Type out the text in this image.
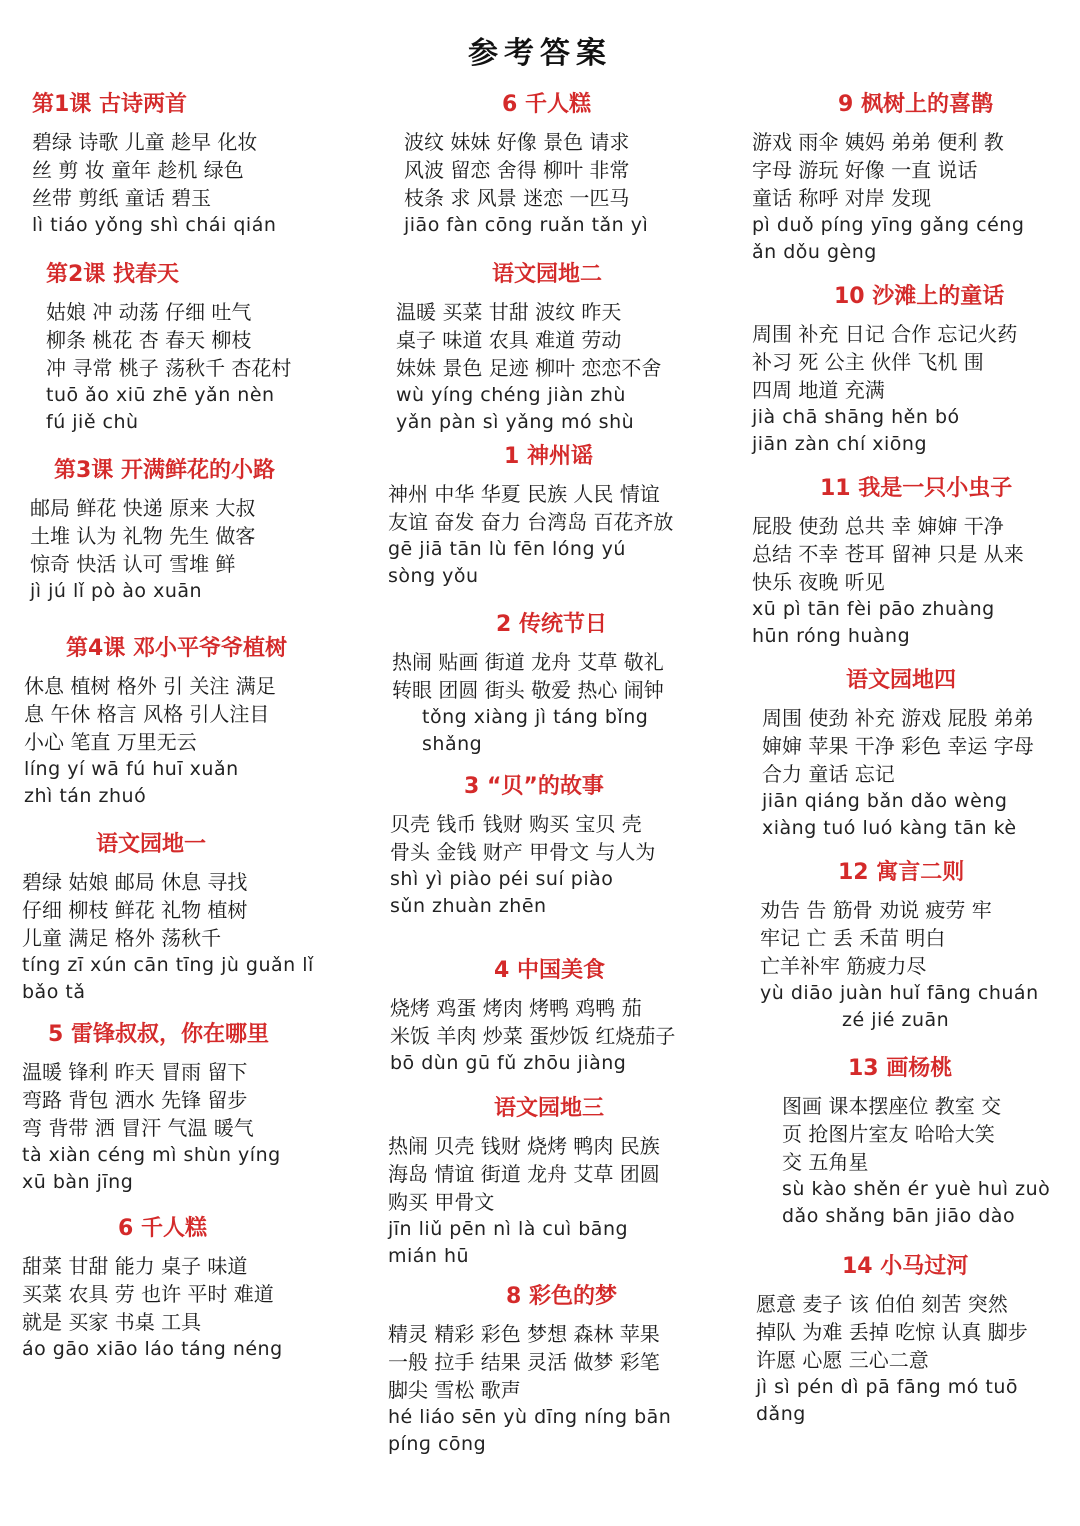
参考答案
第1课 古诗两首
碧绿 诗歌 儿童 趁早 化妆
丝 剪 妆 童年 趁机 绿色
丝带 剪纸 童话 碧玉
lì tiáo yǒng shì chái qián
第2课 找春天
姑娘 冲 动荡 仔细 吐气
柳条 桃花 杏 春天 柳枝
冲 寻常 桃子 荡秋千 杏花村
tuō ǎo xiū zhē yǎn nèn
fú jiě chù
第3课 开满鲜花的小路
邮局 鲜花 快递 原来 大叔
土堆 认为 礼物 先生 做客
惊奇 快活 认可 雪堆 鲜
jì jú lǐ pò ào xuān
第4课 邓小平爷爷植树
休息 植树 格外 引 关注 满足
息 午休 格言 风格 引人注目
小心 笔直 万里无云
líng yí wā fú huī xuǎn
zhì tán zhuó
语文园地一
碧绿 姑娘 邮局 休息 寻找
仔细 柳枝 鲜花 礼物 植树
儿童 满足 格外 荡秋千
tíng zī xún cān tīng jù guǎn lǐ
bǎo tǎ
5 雷锋叔叔，你在哪里
温暖 锋利 昨天 冒雨 留下
弯路 背包 洒水 先锋 留步
弯 背带 洒 冒汗 气温 暖气
tà xiàn céng mì shùn yíng
xū bàn jīng
6 千人糕
甜菜 甘甜 能力 桌子 味道
买菜 农具 劳 也许 平时 难道
就是 买家 书桌 工具
áo gāo xiāo láo táng néng
6 千人糕
波纹 妹妹 好像 景色 请求
风波 留恋 舍得 柳叶 非常
枝条 求 风景 迷恋 一匹马
jiāo fàn cōng ruǎn tǎn yì
语文园地二
温暖 买菜 甘甜 波纹 昨天
桌子 味道 农具 难道 劳动
妹妹 景色 足迹 柳叶 恋恋不舍
wù yíng chéng jiàn zhù
yǎn pàn sì yǎng mó shù
1 神州谣
神州 中华 华夏 民族 人民 情谊
友谊 奋发 奋力 台湾岛 百花齐放
gē jiā tān lù fēn lóng yú
sòng yǒu
2 传统节日
热闹 贴画 街道 龙舟 艾草 敬礼
转眼 团圆 街头 敬爱 热心 闹钟
tǒng xiàng jì táng bǐng
shǎng
3 “贝”的故事
贝壳 钱币 钱财 购买 宝贝 壳
骨头 金钱 财产 甲骨文 与人为
shì yì piào péi suí piào
sǔn zhuàn zhēn
4 中国美食
烧烤 鸡蛋 烤肉 烤鸭 鸡鸭 茄
米饭 羊肉 炒菜 蛋炒饭 红烧茄子
bō dùn gū fǔ zhōu jiàng
语文园地三
热闹 贝壳 钱财 烧烤 鸭肉 民族
海岛 情谊 街道 龙舟 艾草 团圆
购买 甲骨文
jīn liǔ pēn nì là cuì bāng
mián hū
8 彩色的梦
精灵 精彩 彩色 梦想 森林 苹果
一般 拉手 结果 灵活 做梦 彩笔
脚尖 雪松 歌声
hé liáo sēn yù dīng níng bān
pínɡ cōng
9 枫树上的喜鹊
游戏 雨伞 姨妈 弟弟 便利 教
字母 游玩 好像 一直 说话
童话 称呼 对岸 发现
pì duǒ píng yīng gǎng céng
ǎn dǒu gèng
10 沙滩上的童话
周围 补充 日记 合作 忘记火药
补习 死 公主 伙伴 飞机 围
四周 地道 充满
jià chā shāng hěn bó
jiān zàn chí xiōng
11 我是一只小虫子
屁股 使劲 总共 幸 婶婶 干净
总结 不幸 苍耳 留神 只是 从来
快乐 夜晚 听见
xū pì tān fèi pāo zhuàng
hūn róng huàng
语文园地四
周围 使劲 补充 游戏 屁股 弟弟
婶婶 苹果 干净 彩色 幸运 字母
合力 童话 忘记
jiān qiáng bǎn dǎo wèng
xiàng tuó luó kàng tān kè
12 寓言二则
劝告 告 筋骨 劝说 疲劳 牢
牢记 亡 丢 禾苗 明白
亡羊补牢 筋疲力尽
yù diāo juàn huǐ fāng chuán
zé jié zuān
13 画杨桃
图画 课本摆座位 教室 交
页 抢图片室友 哈哈大笑
交 五角星
sù kào shěn ér yuè huì zuò
dǎo shǎng bān jiāo dào
14 小马过河
愿意 麦子 该 伯伯 刻苦 突然
掉队 为难 丢掉 吃惊 认真 脚步
许愿 心愿 三心二意
jì sì pén dì pā fāng mó tuō
dǎng
